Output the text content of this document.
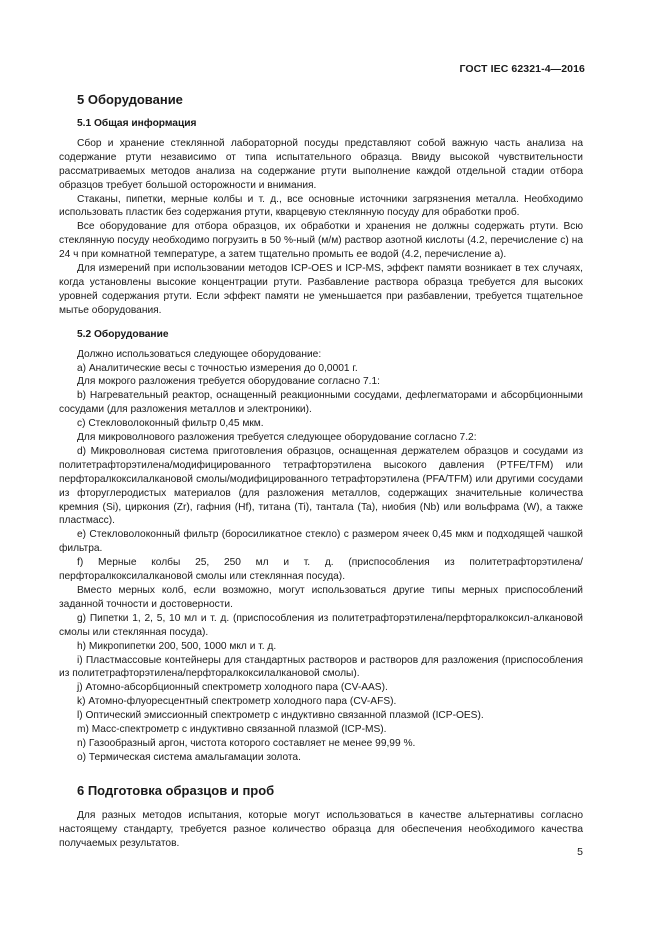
ГОСТ IEC 62321-4—2016
5 Оборудование
5.1 Общая информация

Сбор и хранение стеклянной лабораторной посуды представляют собой важную часть анализа на содержание ртути независимо от типа испытательного образца. Ввиду высокой чувствительности рассматриваемых методов анализа на содержание ртути выполнение каждой отдельной стадии отбора образцов требует большой осторожности и внимания.

Стаканы, пипетки, мерные колбы и т. д., все основные источники загрязнения металла. Необходимо использовать пластик без содержания ртути, кварцевую стеклянную посуду для обработки проб.

Все оборудование для отбора образцов, их обработки и хранения не должны содержать ртути. Всю стеклянную посуду необходимо погрузить в 50 %-ный (м/м) раствор азотной кислоты (4.2, перечисление c) на 24 ч при комнатной температуре, а затем тщательно промыть ее водой (4.2, перечисление a).

Для измерений при использовании методов ICP-OES и ICP-MS, эффект памяти возникает в тех случаях, когда установлены высокие концентрации ртути. Разбавление раствора образца требуется для высоких уровней содержания ртути. Если эффект памяти не уменьшается при разбавлении, требуется тщательное мытье оборудования.

5.2 Оборудование

Должно использоваться следующее оборудование:

a) Аналитические весы с точностью измерения до 0,0001 г.

Для мокрого разложения требуется оборудование согласно 7.1:

b) Нагревательный реактор, оснащенный реакционными сосудами, дефлегматорами и абсорбционными сосудами (для разложения металлов и электроники).

c) Стекловолоконный фильтр 0,45 мкм.

Для микроволнового разложения требуется следующее оборудование согласно 7.2:

d) Микроволновая система приготовления образцов, оснащенная держателем образцов и сосудами из политетрафторэтилена/модифицированного тетрафторэтилена высокого давления (PTFE/TFM) или перфторалкоксилалкановой смолы/модифицированного тетрафторэтилена (PFA/TFM) или другими сосудами из фторуглеродистых материалов (для разложения металлов, содержащих значительные количества кремния (Si), циркония (Zr), гафния (Hf), титана (Ti), тантала (Ta), ниобия (Nb) или вольфрама (W), а также пластмасс).

e) Стекловолоконный фильтр (боросиликатное стекло) с размером ячеек 0,45 мкм и подходящей чашкой фильтра.

f) Мерные колбы 25, 250 мл и т. д. (приспособления из политетрафторэтилена/перфторалкоксилалкановой смолы или стеклянная посуда).

Вместо мерных колб, если возможно, могут использоваться другие типы мерных приспособлений заданной точности и достоверности.

g) Пипетки 1, 2, 5, 10 мл и т. д. (приспособления из политетрафторэтилена/перфторалкоксил-алкановой смолы или стеклянная посуда).

h) Микропипетки 200, 500, 1000 мкл и т. д.

i) Пластмассовые контейнеры для стандартных растворов и растворов для разложения (приспособления из политетрафторэтилена/перфторалкоксилалкановой смолы).

j) Атомно-абсорбционный спектрометр холодного пара (CV-AAS).

k) Атомно-флуоресцентный спектрометр холодного пара (CV-AFS).

l) Оптический эмиссионный спектрометр с индуктивно связанной плазмой (ICP-OES).

m) Масс-спектрометр с индуктивно связанной плазмой (ICP-MS).

n) Газообразный аргон, чистота которого составляет не менее 99,99 %.

o) Термическая система амальгамации золота.

6 Подготовка образцов и проб

Для разных методов испытания, которые могут использоваться в качестве альтернативы согласно настоящему стандарту, требуется разное количество образца для обеспечения необходимого качества получаемых результатов.

5
